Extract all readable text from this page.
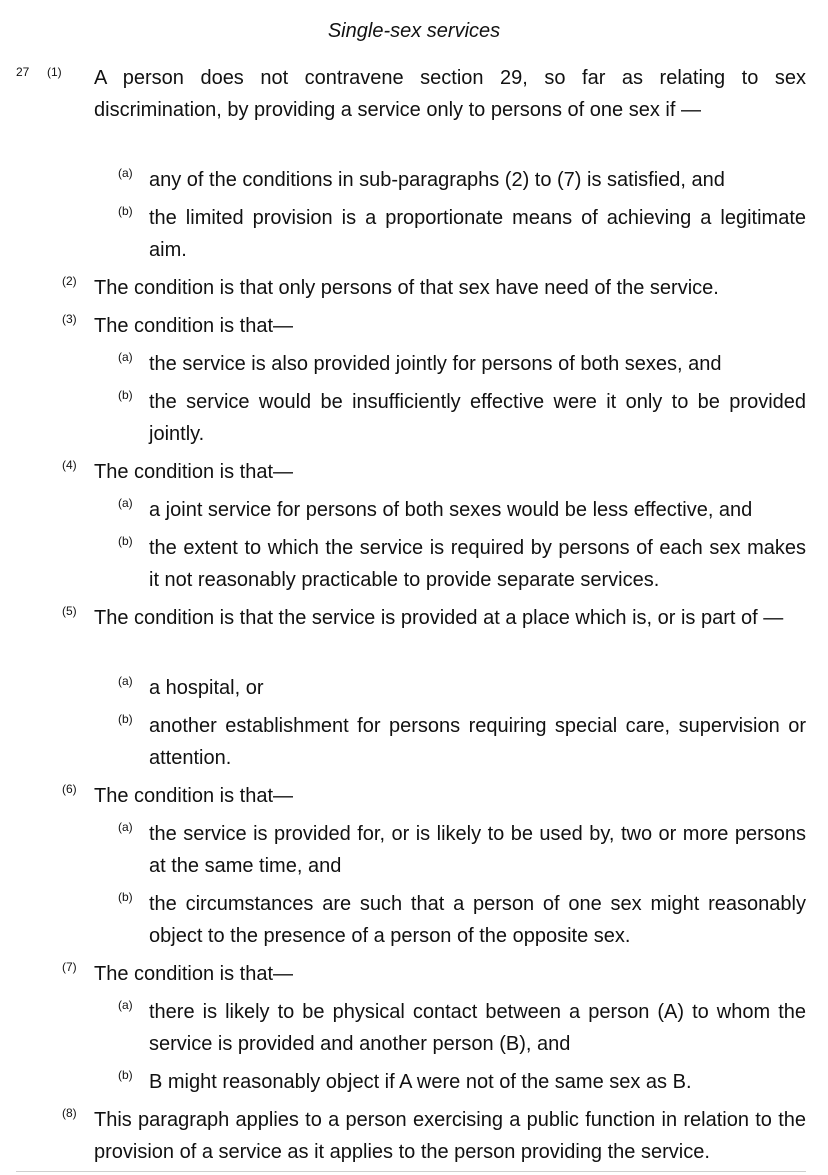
Single-sex services
27 (1) A person does not contravene section 29, so far as relating to sex discrimination, by providing a service only to persons of one sex if —
(a) any of the conditions in sub-paragraphs (2) to (7) is satisfied, and
(b) the limited provision is a proportionate means of achieving a legitimate aim.
(2) The condition is that only persons of that sex have need of the service.
(3) The condition is that—
(a) the service is also provided jointly for persons of both sexes, and
(b) the service would be insufficiently effective were it only to be provided jointly.
(4) The condition is that—
(a) a joint service for persons of both sexes would be less effective, and
(b) the extent to which the service is required by persons of each sex makes it not reasonably practicable to provide separate services.
(5) The condition is that the service is provided at a place which is, or is part of —
(a) a hospital, or
(b) another establishment for persons requiring special care, supervision or attention.
(6) The condition is that—
(a) the service is provided for, or is likely to be used by, two or more persons at the same time, and
(b) the circumstances are such that a person of one sex might reasonably object to the presence of a person of the opposite sex.
(7) The condition is that—
(a) there is likely to be physical contact between a person (A) to whom the service is provided and another person (B), and
(b) B might reasonably object if A were not of the same sex as B.
(8) This paragraph applies to a person exercising a public function in relation to the provision of a service as it applies to the person providing the service.
